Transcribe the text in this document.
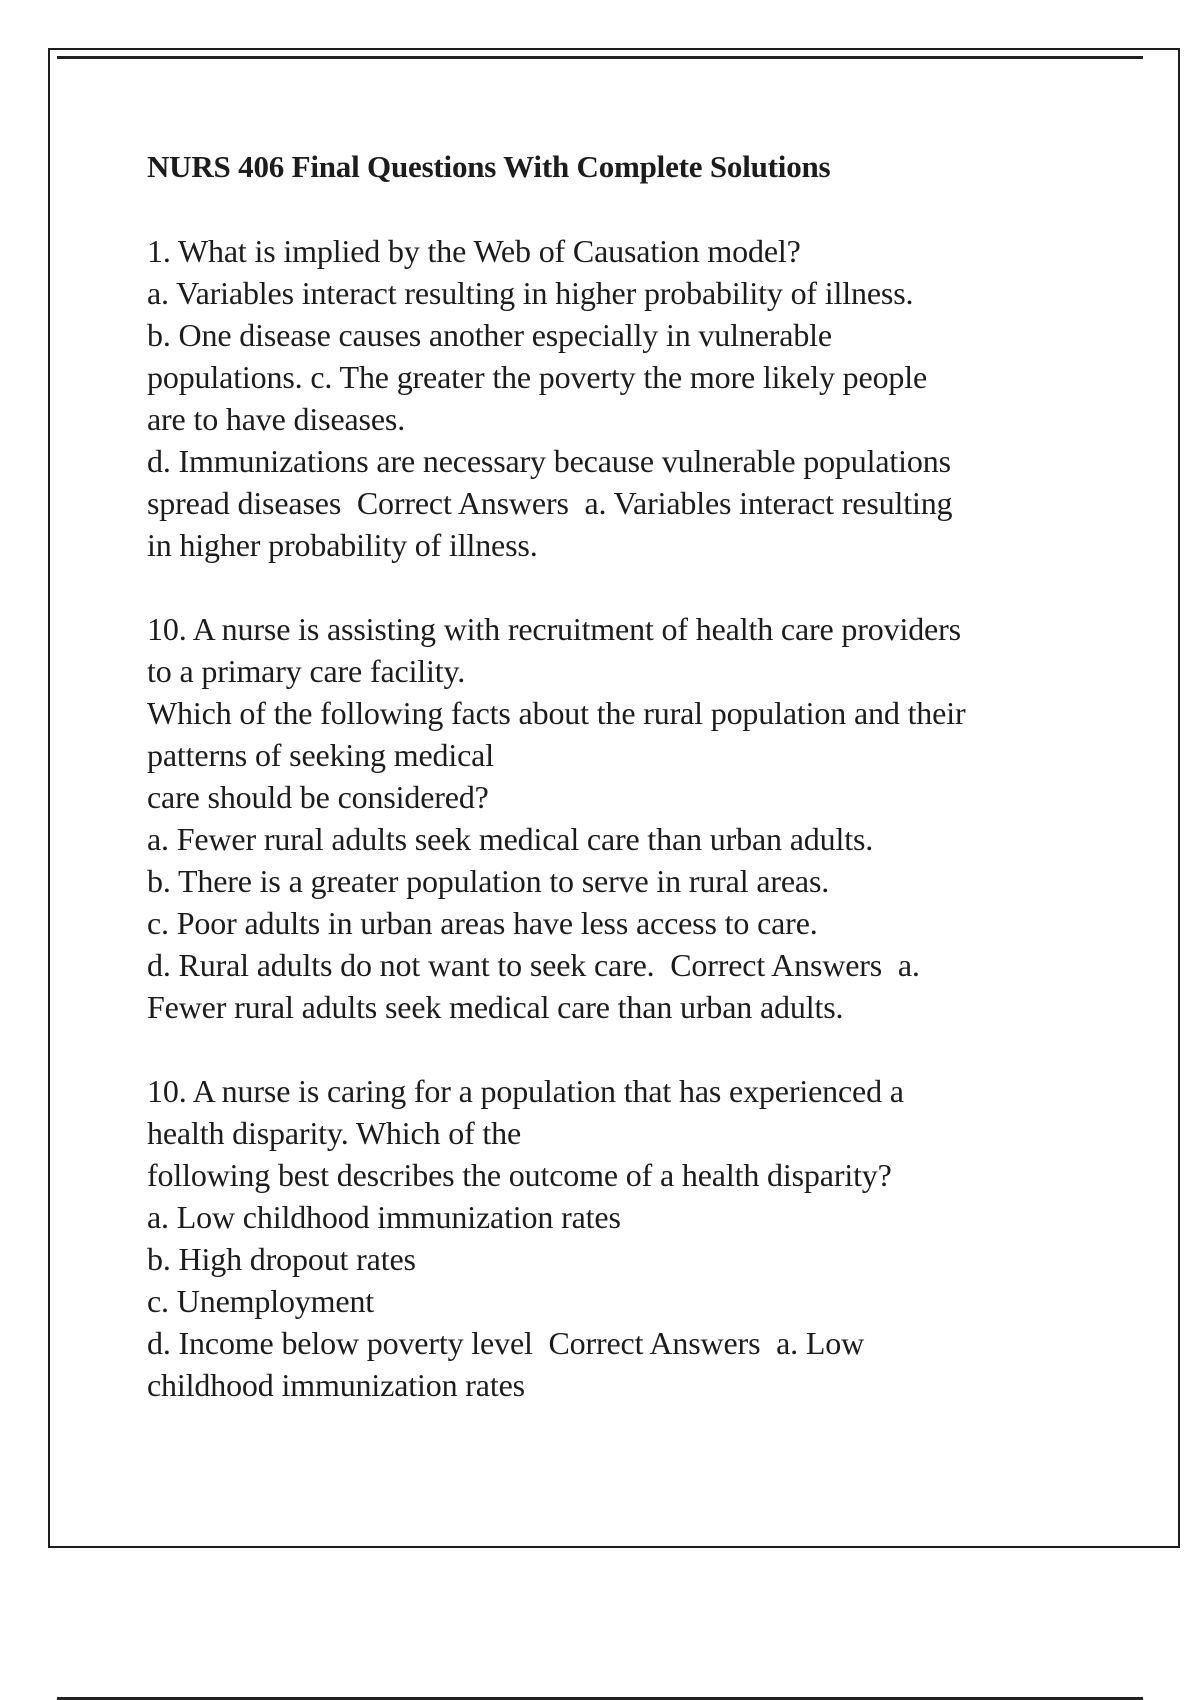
NURS 406 Final Questions With Complete Solutions
1. What is implied by the Web of Causation model?
a. Variables interact resulting in higher probability of illness.
b. One disease causes another especially in vulnerable
populations. c. The greater the poverty the more likely people
are to have diseases.
d. Immunizations are necessary because vulnerable populations
spread diseases  Correct Answers  a. Variables interact resulting
in higher probability of illness.
10. A nurse is assisting with recruitment of health care providers
to a primary care facility.
Which of the following facts about the rural population and their
patterns of seeking medical
care should be considered?
a. Fewer rural adults seek medical care than urban adults.
b. There is a greater population to serve in rural areas.
c. Poor adults in urban areas have less access to care.
d. Rural adults do not want to seek care.  Correct Answers  a.
Fewer rural adults seek medical care than urban adults.
10. A nurse is caring for a population that has experienced a
health disparity. Which of the
following best describes the outcome of a health disparity?
a. Low childhood immunization rates
b. High dropout rates
c. Unemployment
d. Income below poverty level  Correct Answers  a. Low
childhood immunization rates
